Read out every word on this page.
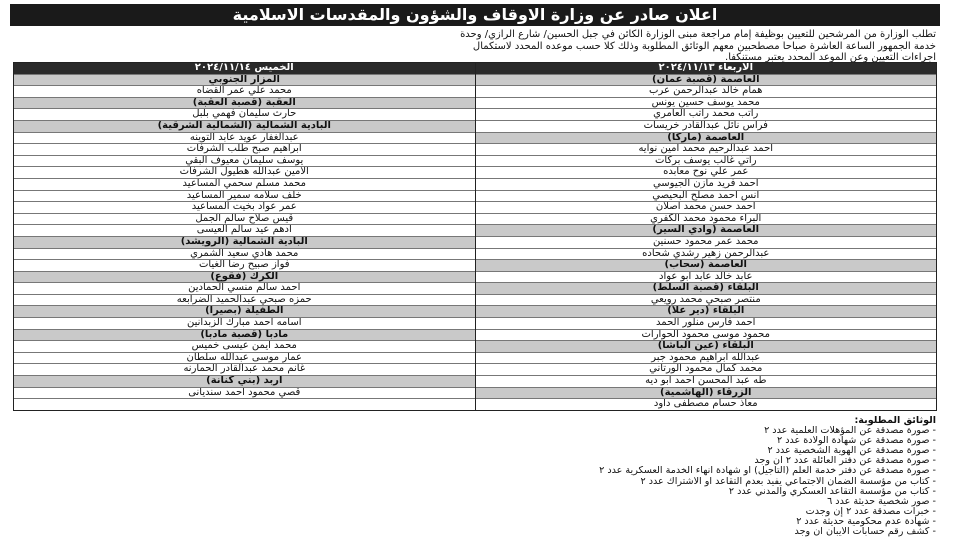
اعلان صادر عن وزارة الاوقاف والشؤون والمقدسات الاسلامية
تطلب الوزارة من المرشحين للتعيين بوظيفة إمام مراجعة مبنى الوزارة الكائن في جبل الحسين/ شارع الرازي/ وحدة
خدمة الجمهور الساعة العاشرة صباحاً مصطحبين معهم الوثائق المطلوبة وذلك كلا حسب موعده المحدد لاستكمال
اجراءات التعيين وعن الموعد المحدد يعتبر مستنكفاً.
الاربعاء ٢٠٢٤/١١/١٣
العاصمة (قصبة عمان)
همام خالد عبدالرحمن عرب
محمد يوسف حسين يونس
راتب محمد راتب العامري
فراس نائل عبدالقادر خريسات
العاصمة (ماركا)
احمد عبدالرحيم محمد امين نوايه
راتي غالب يوسف بركات
عمر علي نوح معابده
احمد فريد مازن الجيوسي
انس احمد مصلح البحيصي
احمد حسن محمد اصلان
البراء محمود محمد الكفري
العاصمة (وادي السير)
محمد عمر محمود حسنين
عبدالرحمن زهير رشدي شحاده
العاصمة (سحاب)
عابد خالد عابد ابو عواد
البلقاء (قصبة السلط)
منتصر صبحي محمد رويعي
البلقاء (دير علا)
احمد فارس منلور الحمد
محمود موسى محمود الحوارات
البلقاء (عين الباشا)
عبدالله ابراهيم محمود جبر
محمد كمال محمود الورتاني
طه عبد المحسن احمد ابو ديه
الزرقاء (الهاشمية)
معاذ حسام مصطفى داود
الخميس ٢٠٢٤/١١/١٤
المزار الجنوبي
محمد علي عمر القضاه
العقبة (قصبة العقبة)
حارث سليمان فهمي بلبل
البادية الشمالية (الشمالية الشرقية)
عبدالغفار عويد عابد التوينه
ابراهيم صبح طلب الشرفات
يوسف سليمان معيوف البقي
الامين عبدالله هطيول الشرفات
محمد مسلم سحمي المساعيد
خلف سلامه سمير المساعيد
عمر عواد بخيت المساعيد
قيس صلاح سالم الجمل
ادهم عيد سالم العيسى
البادية الشمالية (الرويشد)
محمد هادي سعيد الشمري
فواز صبيح رضا الغيات
الكرك (فقوع)
احمد سالم منسي الحمادين
حمزه صبحي عبدالحميد الضرابعه
الطفيلة (بصيرا)
اسامه احمد مبارك الزبدانين
مادبا (قصبة مادبا)
محمد ايمن عيسى خميس
عمار موسى عبدالله سلطان
غانم محمد عبدالقادر الحمارنه
اربد (بني كنانة)
قصي محمود احمد سنديانى
الوثائق المطلوبة:
- صورة مصدقة عن المؤهلات العلمية عدد ٢
- صورة مصدقة عن شهادة الولادة عدد ٢
- صورة مصدقة عن الهوية الشخصية عدد ٢
- صورة مصدقة عن دفتر العائلة عدد ٢ ان وجد
- صورة مصدقة عن دفتر خدمة العلم (التأجيل) او شهادة انهاء الخدمة العسكرية عدد ٢
- كتاب من مؤسسة الضمان الاجتماعي يفيد بعدم التقاعد او الاشتراك عدد ٢
- كتاب من مؤسسة التقاعد العسكري والمدني عدد ٢
- صور شخصية حديثة عدد ٦
- خبرات مصدقة عدد ٢ إن وجدت
- شهادة عدم محكومية حديثة عدد ٢
- كشف رقم حسابات الايبان ان وجد
